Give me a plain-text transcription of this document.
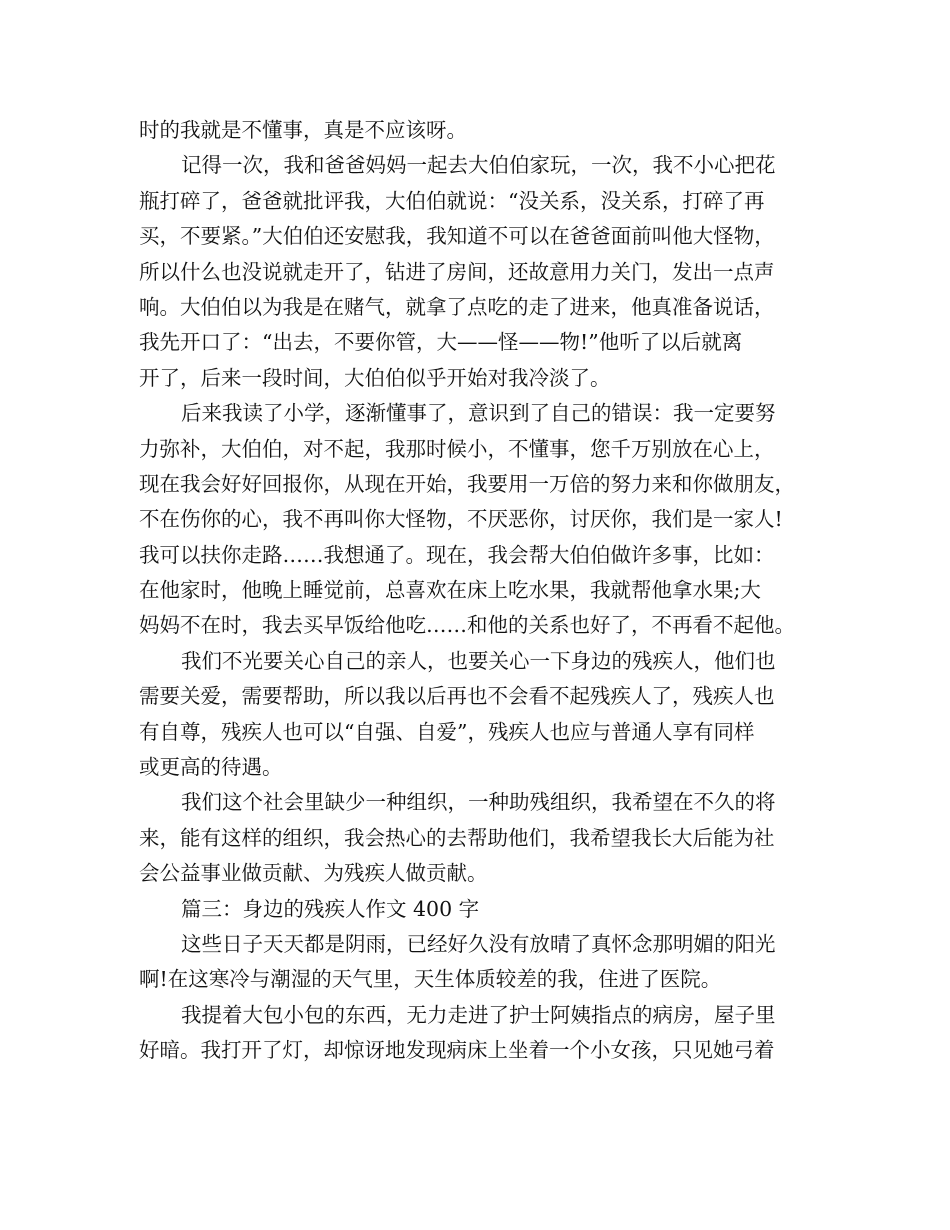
时的我就是不懂事，真是不应该呀。
记得一次，我和爸爸妈妈一起去大伯伯家玩，一次，我不小心把花
瓶打碎了，爸爸就批评我，大伯伯就说：“没关系，没关系，打碎了再
买，不要紧。”大伯伯还安慰我，我知道不可以在爸爸面前叫他大怪物，
所以什么也没说就走开了，钻进了房间，还故意用力关门，发出一点声
响。大伯伯以为我是在赌气，就拿了点吃的走了进来，他真准备说话，
我先开口了：“出去，不要你管，大——怪——物!”他听了以后就离
开了，后来一段时间，大伯伯似乎开始对我冷淡了。
后来我读了小学，逐渐懂事了，意识到了自己的错误：我一定要努
力弥补，大伯伯，对不起，我那时候小，不懂事，您千万别放在心上，
现在我会好好回报你，从现在开始，我要用一万倍的努力来和你做朋友，
不在伤你的心，我不再叫你大怪物，不厌恶你，讨厌你，我们是一家人!
我可以扶你走路……我想通了。现在，我会帮大伯伯做许多事，比如：
在他家时，他晚上睡觉前，总喜欢在床上吃水果，我就帮他拿水果;大
妈妈不在时，我去买早饭给他吃……和他的关系也好了，不再看不起他。
我们不光要关心自己的亲人，也要关心一下身边的残疾人，他们也
需要关爱，需要帮助，所以我以后再也不会看不起残疾人了，残疾人也
有自尊，残疾人也可以“自强、自爱”，残疾人也应与普通人享有同样
或更高的待遇。
我们这个社会里缺少一种组织，一种助残组织，我希望在不久的将
来，能有这样的组织，我会热心的去帮助他们，我希望我长大后能为社
会公益事业做贡献、为残疾人做贡献。
篇三：身边的残疾人作文 400 字
这些日子天天都是阴雨，已经好久没有放晴了真怀念那明媚的阳光
啊!在这寒冷与潮湿的天气里，天生体质较差的我，住进了医院。
我提着大包小包的东西，无力走进了护士阿姨指点的病房，屋子里
好暗。我打开了灯，却惊讶地发现病床上坐着一个小女孩，只见她弓着
